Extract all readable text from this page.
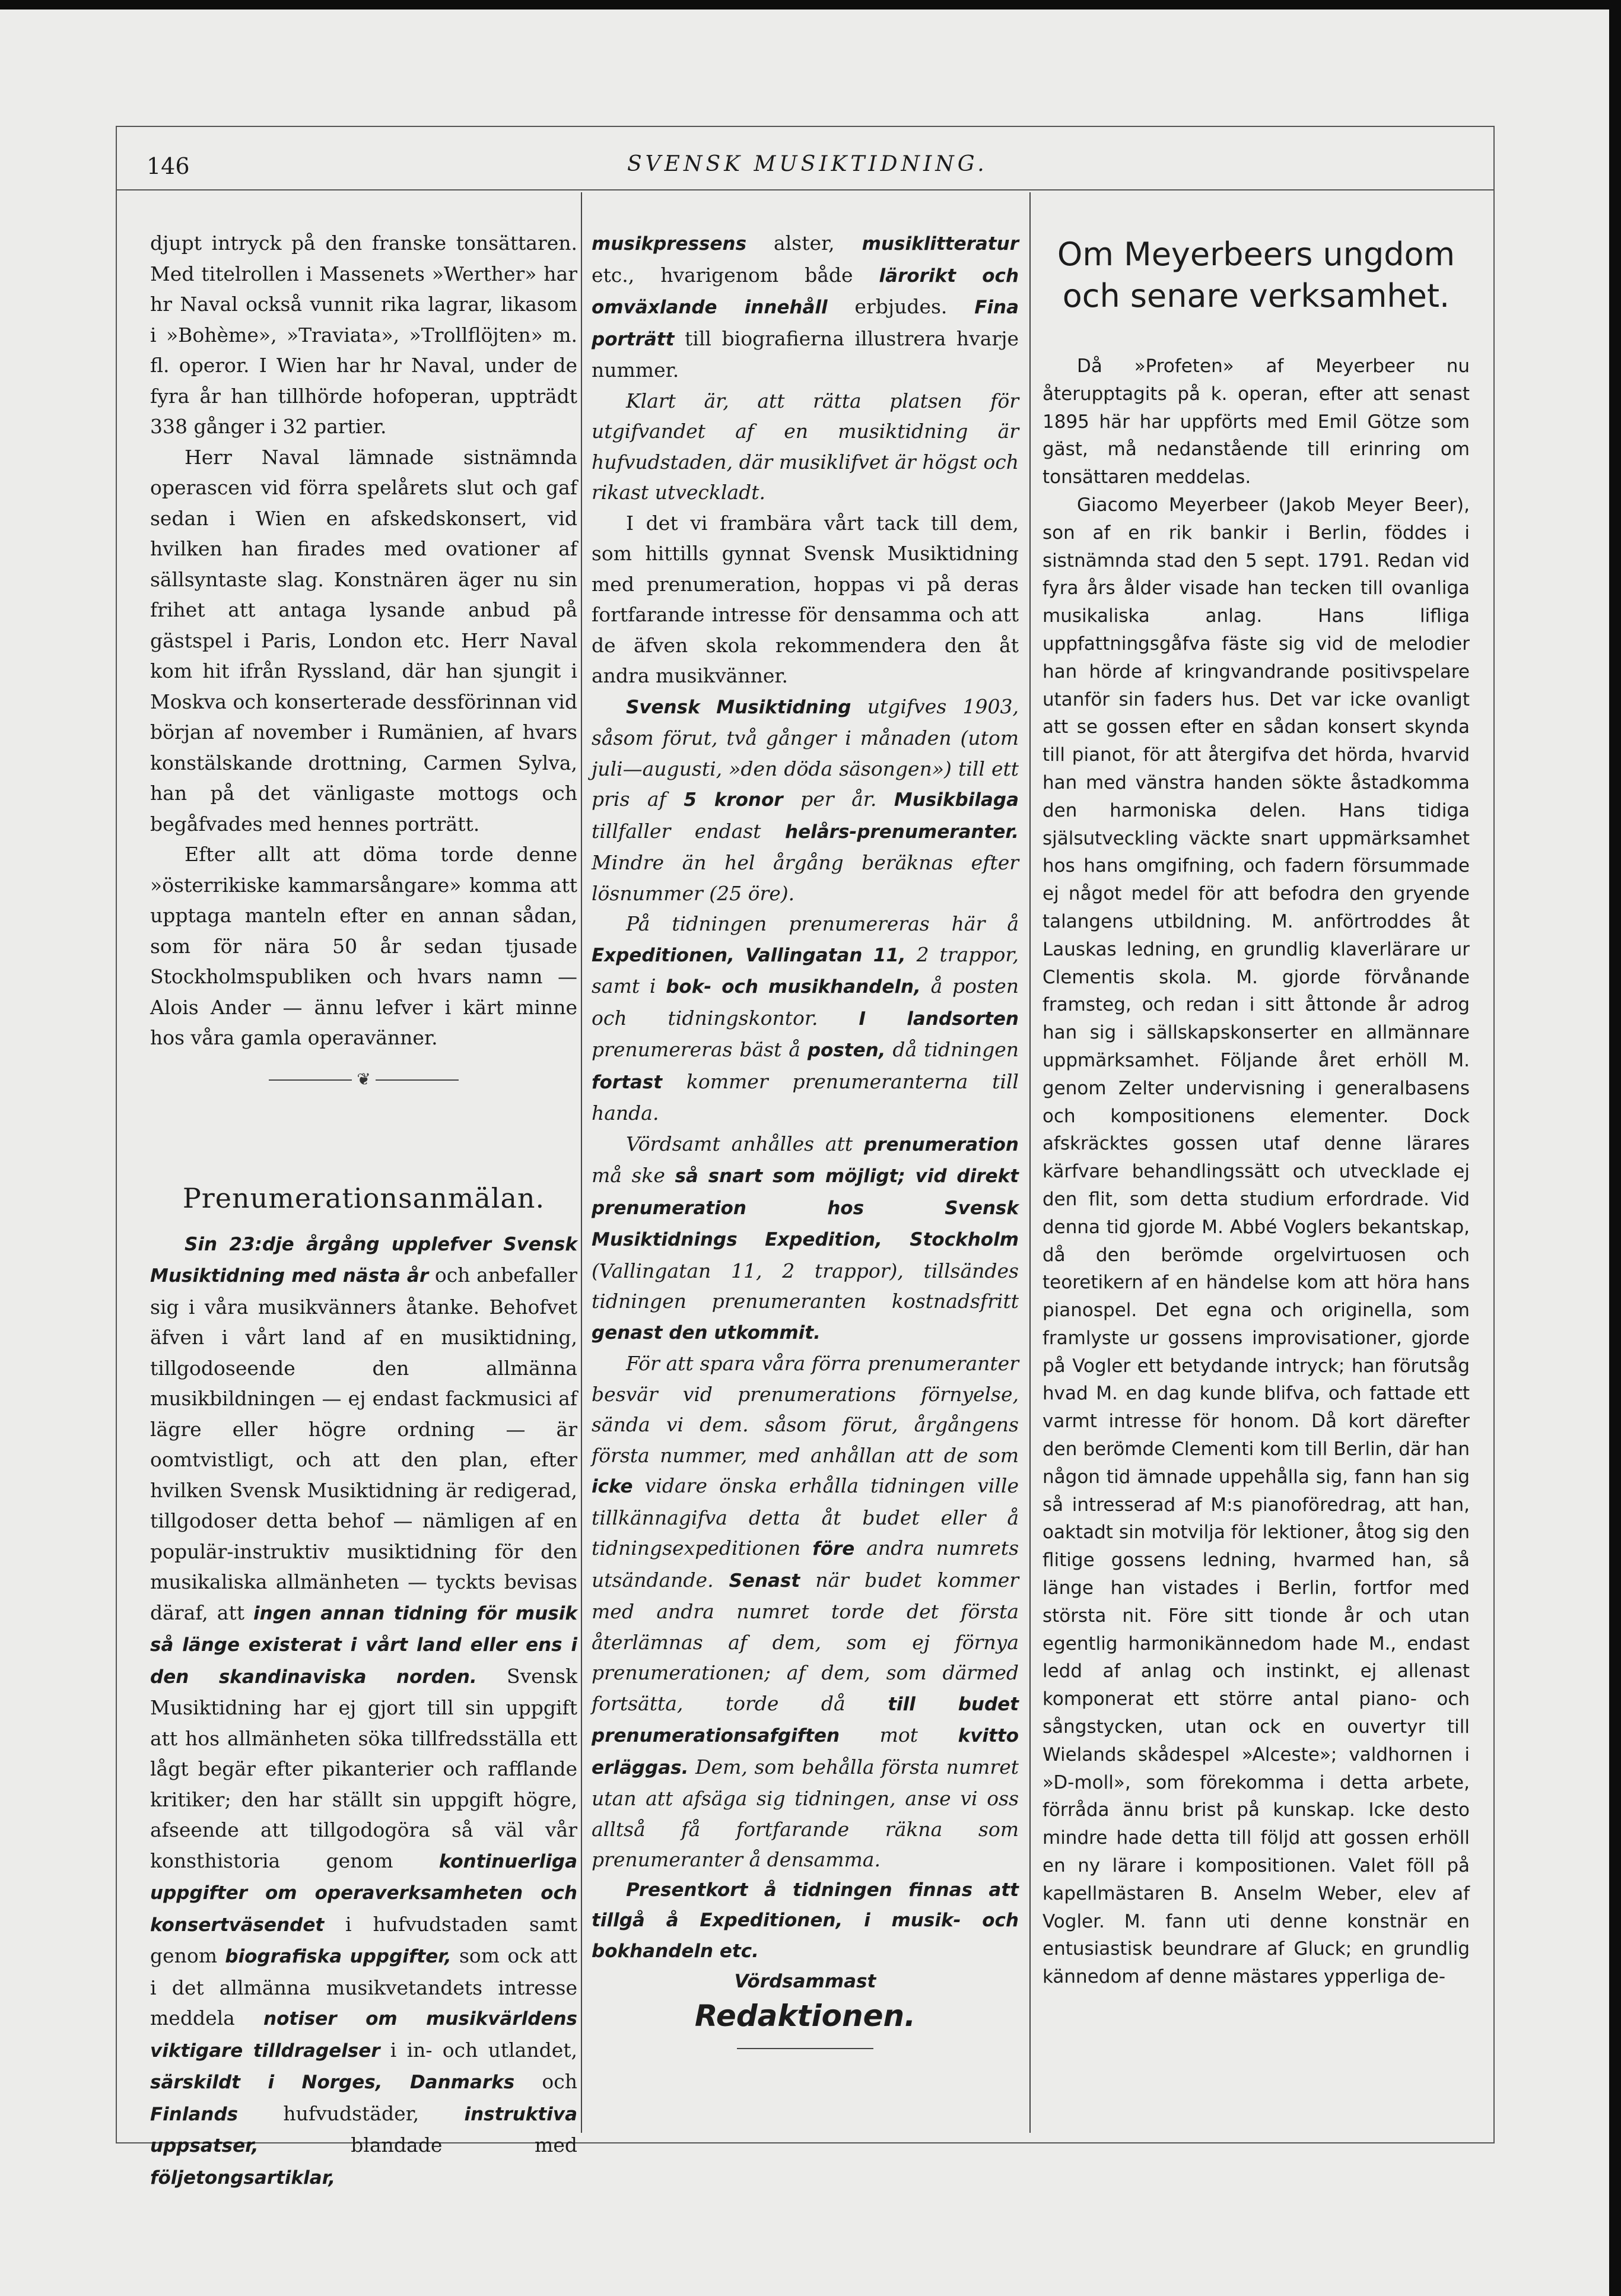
146	SVENSK MUSIKTIDNING.

djupt intryck på den franske tonsättaren. Med titelrollen i Massenets »Werther» har hr Naval också vunnit rika lagrar, likasom i »Bohème», »Traviata», »Trollflöjten» m. fl. operor. I Wien har hr Naval, under de fyra år han tillhörde hofoperan, uppträdt 338 gånger i 32 partier.

Herr Naval lämnade sistnämnda operascen vid förra spelårets slut och gaf sedan i Wien en afskedskonsert, vid hvilken han firades med ovationer af sällsyntaste slag. Konstnären äger nu sin frihet att antaga lysande anbud på gästspel i Paris, London etc. Herr Naval kom hit ifrån Ryssland, där han sjungit i Moskva och konserterade dessförinnan vid början af november i Rumänien, af hvars konstälskande drottning, Carmen Sylva, han på det vänligaste mottogs och begåfvades med hennes porträtt.

Efter allt att döma torde denne »österrikiske kammarsångare» komma att upptaga manteln efter en annan sådan, som för nära 50 år sedan tjusade Stockholmspubliken och hvars namn — Alois Ander — ännu lefver i kärt minne hos våra gamla operavänner.

❦
Prenumerationsanmälan.

Sin 23:dje årgång upplefver Svensk Musiktidning med nästa år och anbefaller sig i våra musikvänners åtanke. Behofvet äfven i vårt land af en musiktidning, tillgodoseende den allmänna musikbildningen — ej endast fackmusici af lägre eller högre ordning — är oomtvistligt, och att den plan, efter hvilken Svensk Musiktidning är redigerad, tillgodoser detta behof — nämligen af en populär-instruktiv musiktidning för den musikaliska allmänheten — tyckts bevisas däraf, att ingen annan tidning för musik så länge existerat i vårt land eller ens i den skandinaviska norden. Svensk Musiktidning har ej gjort till sin uppgift att hos allmänheten söka tillfredsställa ett lågt begär efter pikanterier och rafflande kritiker; den har ställt sin uppgift högre, afseende att tillgodogöra så väl vår konsthistoria genom kontinuerliga uppgifter om operaverksamheten och konsertväsendet i hufvudstaden samt genom biografiska uppgifter, som ock att i det allmänna musikvetandets intresse meddela notiser om musikvärldens viktigare tilldragelser i in- och utlandet, särskildt i Norges, Danmarks och Finlands hufvudstäder, instruktiva uppsatser, blandade med följetongsartiklar,

musikpressens alster, musiklitteratur etc., hvarigenom både lärorikt och omväxlande innehåll erbjudes. Fina porträtt till biografierna illustrera hvarje nummer.

Klart är, att rätta platsen för utgifvandet af en musiktidning är hufvudstaden, där musiklifvet är högst och rikast utveckladt.

I det vi frambära vårt tack till dem, som hittills gynnat Svensk Musiktidning med prenumeration, hoppas vi på deras fortfarande intresse för densamma och att de äfven skola rekommendera den åt andra musikvänner.

Svensk Musiktidning utgifves 1903, såsom förut, två gånger i månaden (utom juli—augusti, »den döda säsongen») till ett pris af 5 kronor per år. Musikbilaga tillfaller endast helårs-prenumeranter. Mindre än hel årgång beräknas efter lösnummer (25 öre).

På tidningen prenumereras här å Expeditionen, Vallingatan 11, 2 trappor, samt i bok- och musikhandeln, å posten och tidningskontor. I landsorten prenumereras bäst å posten, då tidningen fortast kommer prenumeranterna till handa.

Vördsamt anhålles att prenumeration må ske så snart som möjligt; vid direkt prenumeration hos Svensk Musiktidnings Expedition, Stockholm (Vallingatan 11, 2 trappor), tillsändes tidningen prenumeranten kostnadsfritt genast den utkommit.

För att spara våra förra prenumeranter besvär vid prenumerations förnyelse, sända vi dem. såsom förut, årgångens första nummer, med anhållan att de som icke vidare önska erhålla tidningen ville tillkännagifva detta åt budet eller å tidningsexpeditionen före andra numrets utsändande. Senast när budet kommer med andra numret torde det första återlämnas af dem, som ej förnya prenumerationen; af dem, som därmed fortsätta, torde då till budet prenumerationsafgiften mot kvitto erläggas. Dem, som behålla första numret utan att afsäga sig tidningen, anse vi oss alltså få fortfarande räkna som prenumeranter å densamma.

Presentkort å tidningen finnas att tillgå å Expeditionen, i musik- och bokhandeln etc.

Vördsammast

Redaktionen.
Om Meyerbeers ungdom och senare verksamhet.

Då »Profeten» af Meyerbeer nu återupptagits på k. operan, efter att senast 1895 här har uppförts med Emil Götze som gäst, må nedanstående till erinring om tonsättaren meddelas.

Giacomo Meyerbeer (Jakob Meyer Beer), son af en rik bankir i Berlin, föddes i sistnämnda stad den 5 sept. 1791. Redan vid fyra års ålder visade han tecken till ovanliga musikaliska anlag. Hans lifliga uppfattningsgåfva fäste sig vid de melodier han hörde af kringvandrande positivspelare utanför sin faders hus. Det var icke ovanligt att se gossen efter en sådan konsert skynda till pianot, för att återgifva det hörda, hvarvid han med vänstra handen sökte åstadkomma den harmoniska delen. Hans tidiga själsutveckling väckte snart uppmärksamhet hos hans omgifning, och fadern försummade ej något medel för att befodra den gryende talangens utbildning. M. anförtroddes åt Lauskas ledning, en grundlig klaverlärare ur Clementis skola. M. gjorde förvånande framsteg, och redan i sitt åttonde år adrog han sig i sällskapskonserter en allmännare uppmärksamhet. Följande året erhöll M. genom Zelter undervisning i generalbasens och kompositionens elementer. Dock afskräcktes gossen utaf denne lärares kärfvare behandlingssätt och utvecklade ej den flit, som detta studium erfordrade. Vid denna tid gjorde M. Abbé Voglers bekantskap, då den berömde orgelvirtuosen och teoretikern af en händelse kom att höra hans pianospel. Det egna och originella, som framlyste ur gossens improvisationer, gjorde på Vogler ett betydande intryck; han förutsåg hvad M. en dag kunde blifva, och fattade ett varmt intresse för honom. Då kort därefter den berömde Clementi kom till Berlin, där han någon tid ämnade uppehålla sig, fann han sig så intresserad af M:s pianoföredrag, att han, oaktadt sin motvilja för lektioner, åtog sig den flitige gossens ledning, hvarmed han, så länge han vistades i Berlin, fortfor med största nit. Före sitt tionde år och utan egentlig harmonikännedom hade M., endast ledd af anlag och instinkt, ej allenast komponerat ett större antal piano- och sångstycken, utan ock en ouvertyr till Wielands skådespel »Alceste»; valdhornen i »D-moll», som förekomma i detta arbete, förråda ännu brist på kunskap. Icke desto mindre hade detta till följd att gossen erhöll en ny lärare i kompositionen. Valet föll på kapellmästaren B. Anselm Weber, elev af Vogler. M. fann uti denne konstnär en entusiastisk beundrare af Gluck; en grundlig kännedom af denne mästares ypperliga de-
